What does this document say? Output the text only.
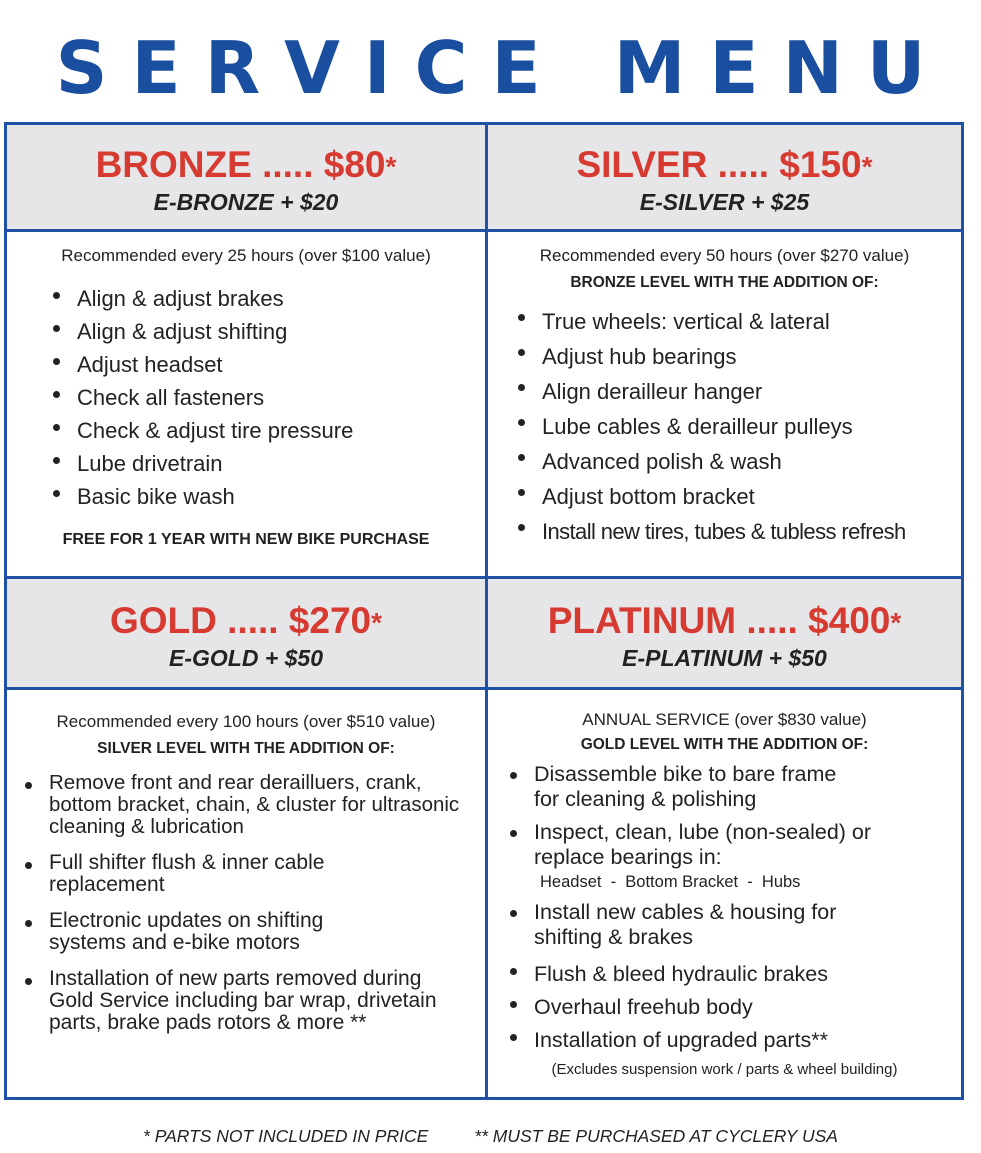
SERVICE MENU
BRONZE ..... $80*
E-BRONZE + $20
SILVER ..... $150*
E-SILVER + $25
GOLD ..... $270*
E-GOLD + $50
PLATINUM ..... $400*
E-PLATINUM + $50
Recommended every 25 hours (over $100 value)
Align & adjust brakes
Align & adjust shifting
Adjust headset
Check all fasteners
Check & adjust tire pressure
Lube drivetrain
Basic bike wash
FREE FOR 1 YEAR WITH NEW BIKE PURCHASE
Recommended every 50 hours (over $270 value)
BRONZE LEVEL WITH THE ADDITION OF:
True wheels: vertical & lateral
Adjust hub bearings
Align derailleur hanger
Lube cables & derailleur pulleys
Advanced polish & wash
Adjust bottom bracket
Install new tires, tubes & tubless refresh
Recommended every 100 hours (over $510 value)
SILVER LEVEL WITH THE ADDITION OF:
Remove front and rear derailluers, crank, bottom bracket, chain, & cluster for ultrasonic cleaning & lubrication
Full shifter flush & inner cable replacement
Electronic updates on shifting systems and e-bike motors
Installation of new parts removed during Gold Service including bar wrap, drivetain parts, brake pads rotors & more **
ANNUAL SERVICE (over $830 value)
GOLD LEVEL WITH THE ADDITION OF:
Disassemble bike to bare frame for cleaning & polishing
Inspect, clean, lube (non-sealed) or replace bearings in:
Headset  -  Bottom Bracket  -  Hubs
Install new cables & housing for shifting & brakes
Flush & bleed hydraulic brakes
Overhaul freehub body
Installation of upgraded parts**
(Excludes suspension work / parts & wheel building)
* PARTS NOT INCLUDED IN PRICE	** MUST BE PURCHASED AT CYCLERY USA
